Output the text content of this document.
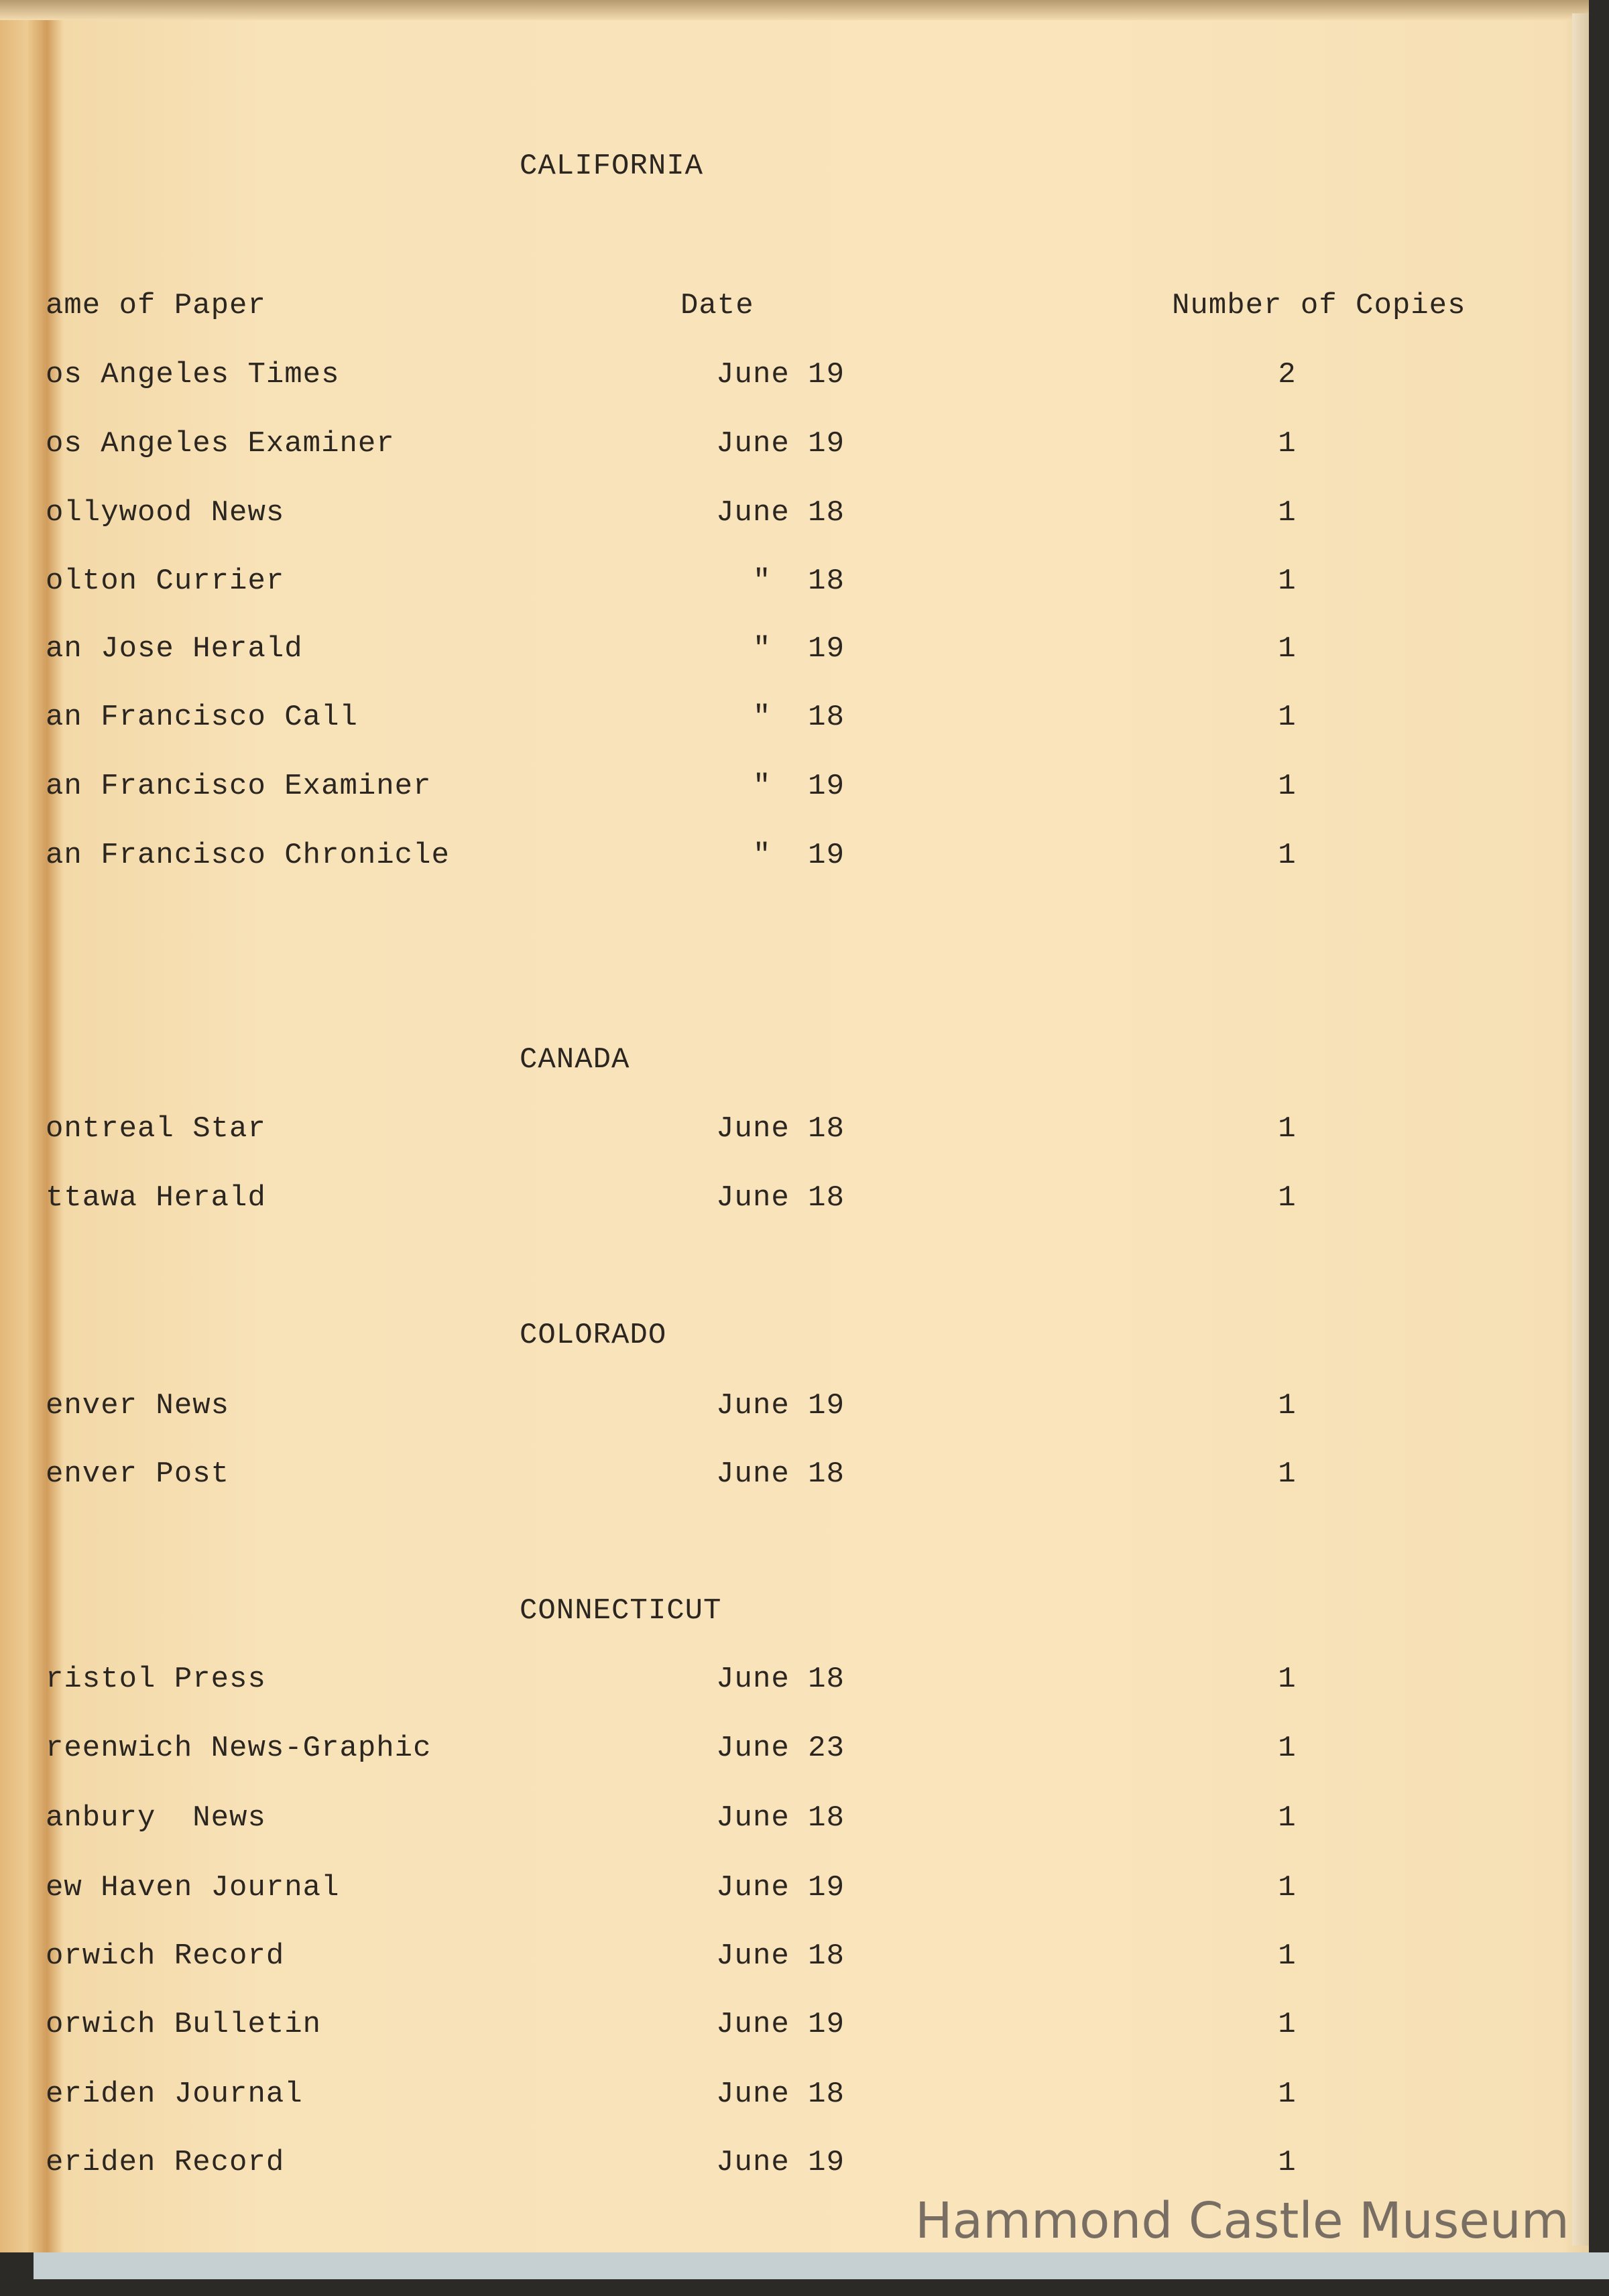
CALIFORNIA
ame of Paper	Date	Number of Copies
os Angeles Times	June 19	2
os Angeles Examiner	June 19	1
ollywood News	June 18	1
olton Currier	"  18	1
an Jose Herald	"  19	1
an Francisco Call	"  18	1
an Francisco Examiner	"  19	1
an Francisco Chronicle	"  19	1
CANADA
ontreal Star	June 18	1
ttawa Herald	June 18	1
COLORADO
enver News	June 19	1
enver Post	June 18	1
CONNECTICUT
ristol Press	June 18	1
reenwich News-Graphic	June 23	1
anbury  News	June 18	1
ew Haven Journal	June 19	1
orwich Record	June 18	1
orwich Bulletin	June 19	1
eriden Journal	June 18	1
eriden Record	June 19	1
Hammond Castle Museum
